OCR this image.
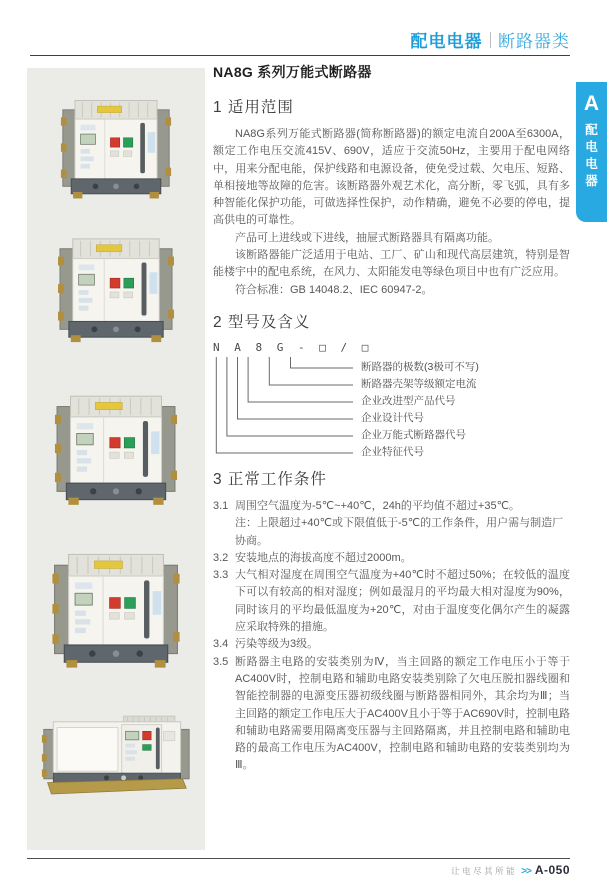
配电电器 断路器类
A
配
电
电
器
NA8G 系列万能式断路器
1 适用范围

NA8G系列万能式断路器(简称断路器)的额定电流自200A至6300A，额定工作电压交流415V、690V，适应于交流50Hz，主要用于配电网络中，用来分配电能，保护线路和电源设备，使免受过载、欠电压、短路、单相接地等故障的危害。该断路器外观艺术化，高分断，零飞弧，具有多种智能化保护功能，可做选择性保护，动作精确，避免不必要的停电，提高供电的可靠性。

产品可上进线或下进线，抽屉式断路器具有隔离功能。

该断路器能广泛适用于电站、工厂、矿山和现代高层建筑，特别是智能楼宇中的配电系统，在风力、太阳能发电等绿色项目中也有广泛应用。

符合标准：GB 14048.2、IEC 60947-2。

2 型号及含义
N A 8 G - □ / □
断路器的极数(3极可不写)
断路器壳架等级额定电流
企业改进型产品代号
企业设计代号
企业万能式断路器代号
企业特征代号
3 正常工作条件
3.1 周围空气温度为-5℃~+40℃，24h的平均值不超过+35℃。
注：上限超过+40℃或下限值低于-5℃的工作条件，用户需与制造厂协商。
3.2 安装地点的海拔高度不超过2000m。
3.3 大气相对湿度在周围空气温度为+40℃时不超过50%；在较低的温度下可以有较高的相对湿度；例如最湿月的平均最大相对湿度为90%，同时该月的平均最低温度为+20℃，对由于温度变化偶尔产生的凝露应采取特殊的措施。
3.4 污染等级为3级。
3.5 断路器主电路的安装类别为Ⅳ，当主回路的额定工作电压小于等于AC400V时，控制电路和辅助电路安装类别除了欠电压脱扣器线圈和智能控制器的电源变压器初级线圈与断路器相同外，其余均为Ⅲ；当主回路的额定工作电压大于AC400V且小于等于AC690V时，控制电路和辅助电路需要用隔离变压器与主回路隔离，并且控制电路和辅助电路的最高工作电压为AC400V，控制电路和辅助电路的安装类别均为Ⅲ。
让电尽其所能 >> A-050
